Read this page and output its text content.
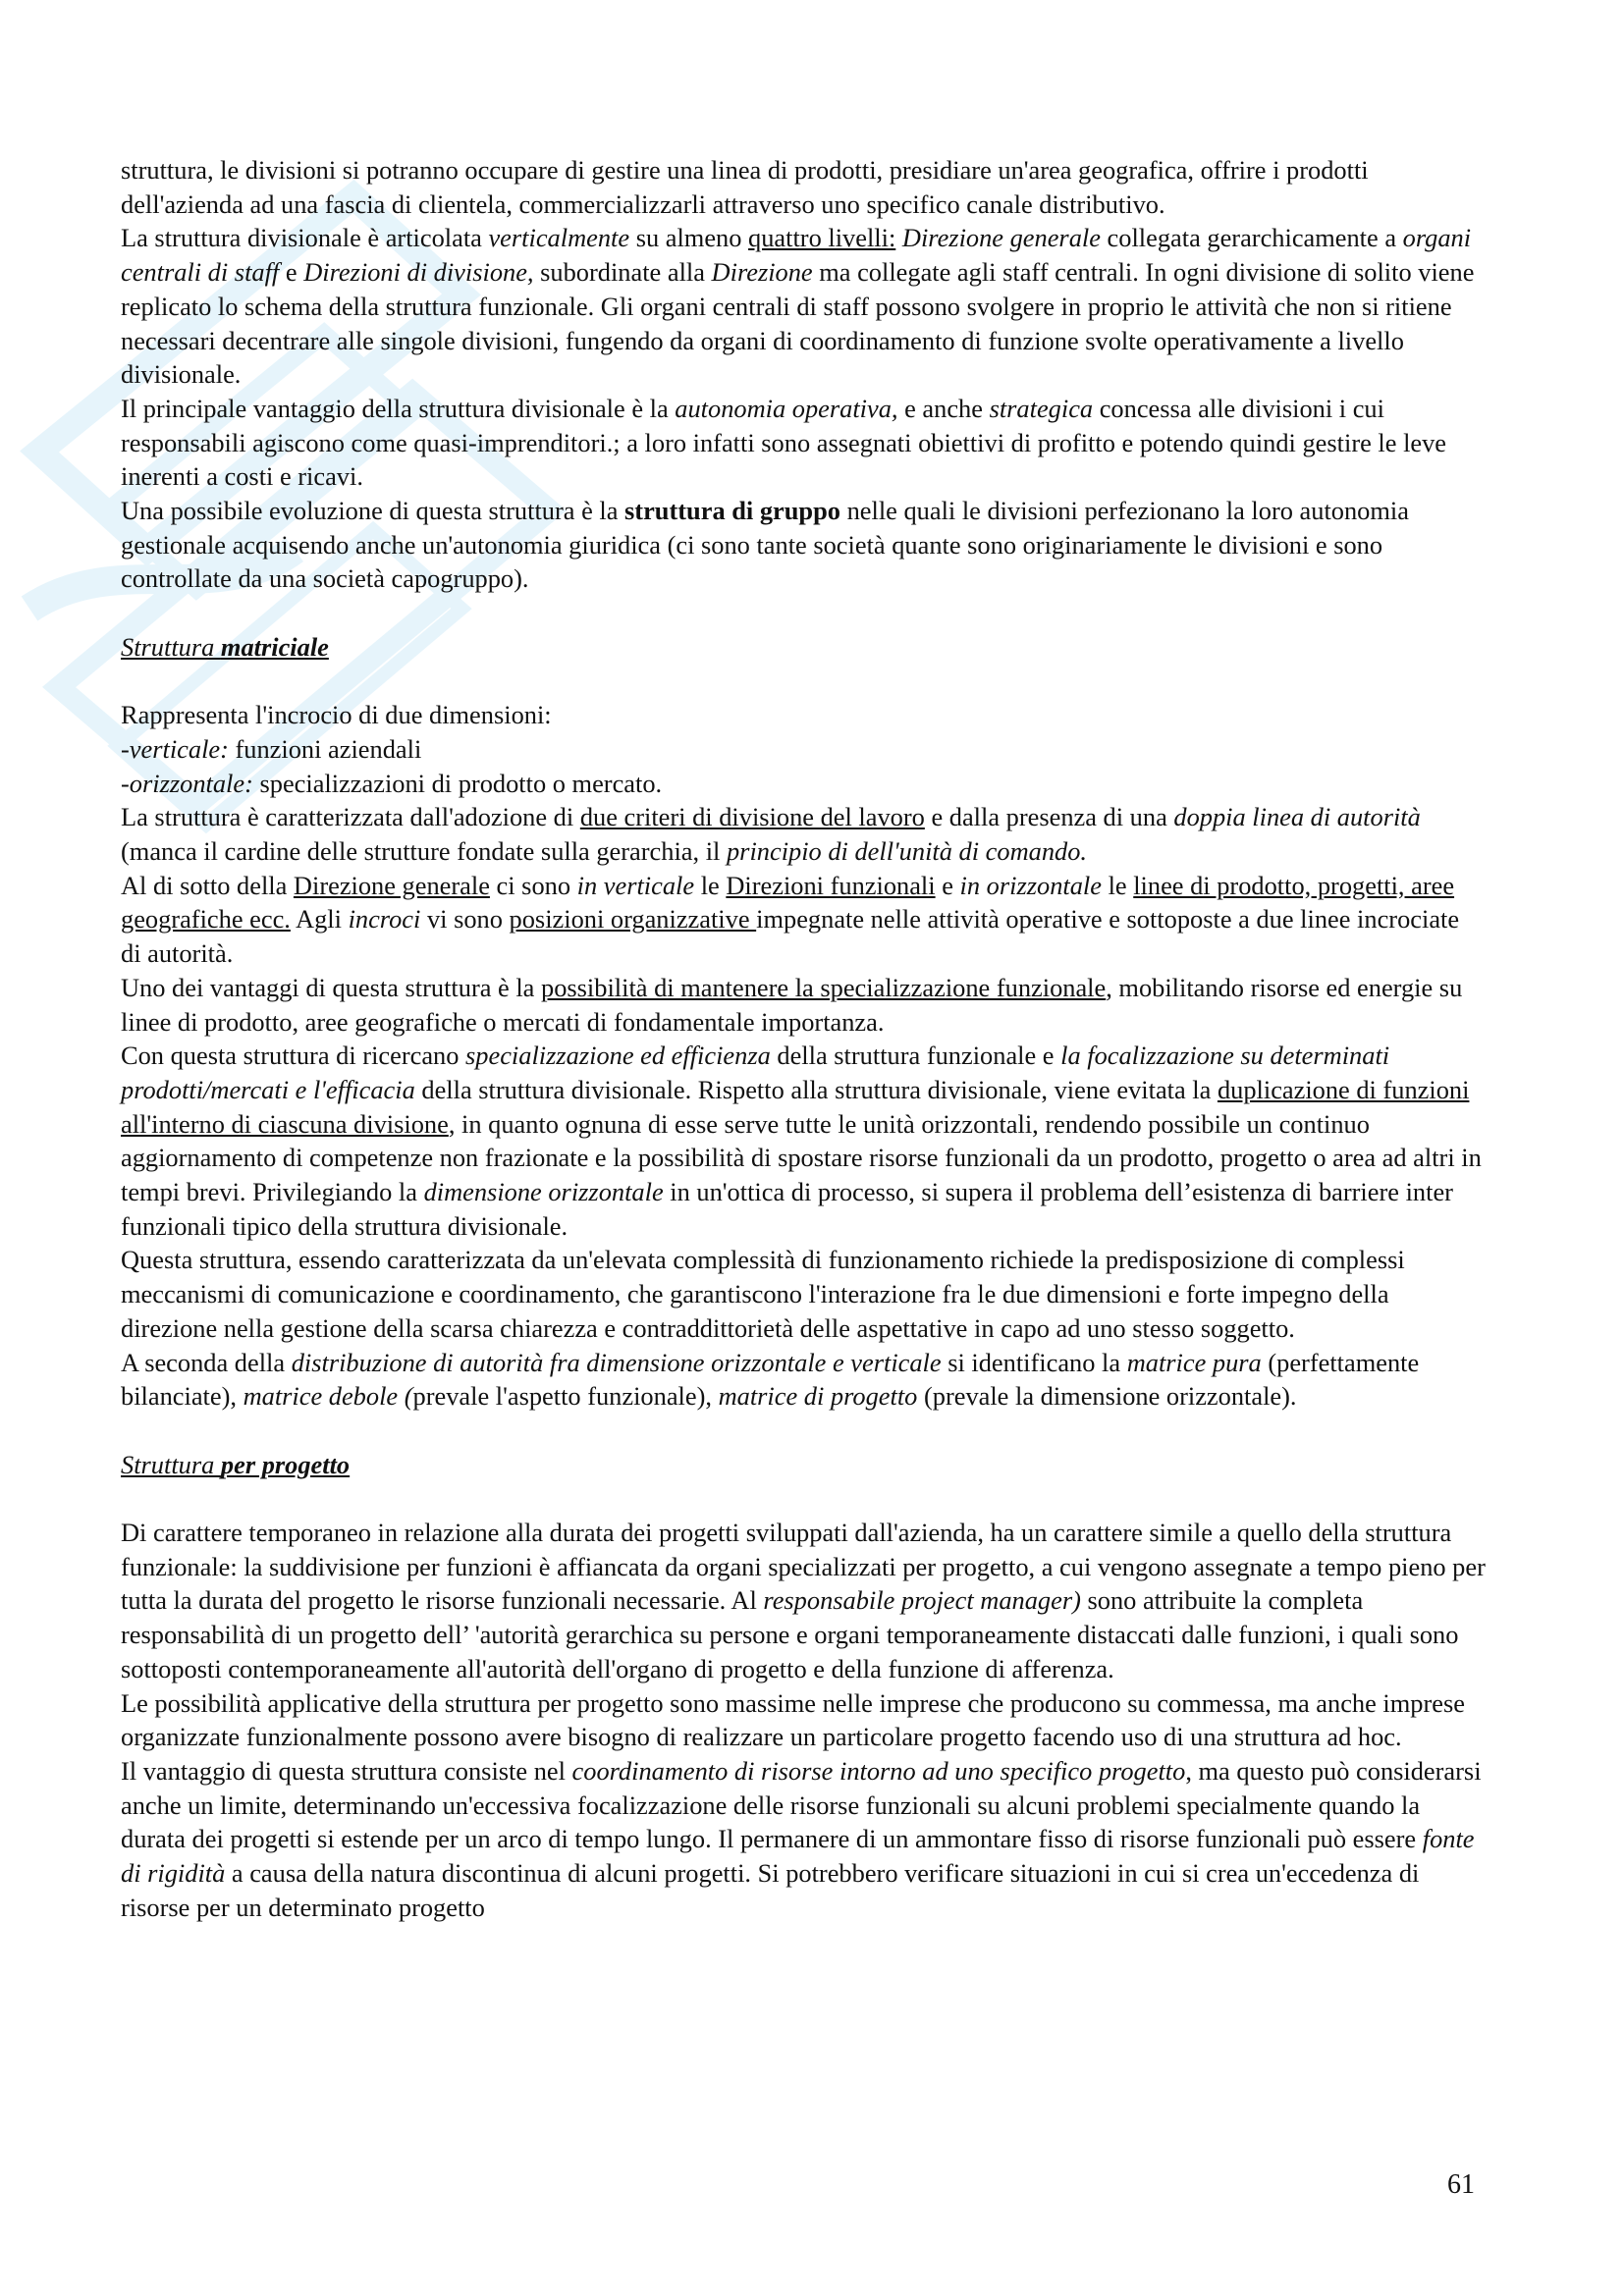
struttura, le divisioni si potranno occupare di gestire una linea di prodotti, presidiare un'area geografica, offrire i prodotti dell'azienda ad una fascia di clientela, commercializzarli attraverso uno specifico canale distributivo.

La struttura divisionale è articolata verticalmente su almeno quattro livelli: Direzione generale collegata gerarchicamente a organi centrali di staff e Direzioni di divisione, subordinate alla Direzione ma collegate agli staff centrali. In ogni divisione di solito viene replicato lo schema della struttura funzionale. Gli organi centrali di staff possono svolgere in proprio le attività che non si ritiene necessari decentrare alle singole divisioni, fungendo da organi di coordinamento di funzione svolte operativamente a livello divisionale.

Il principale vantaggio della struttura divisionale è la autonomia operativa, e anche strategica concessa alle divisioni i cui responsabili agiscono come quasi-imprenditori.; a loro infatti sono assegnati obiettivi di profitto e potendo quindi gestire le leve inerenti a costi e ricavi.

Una possibile evoluzione di questa struttura è la struttura di gruppo nelle quali le divisioni perfezionano la loro autonomia gestionale acquisendo anche un'autonomia giuridica (ci sono tante società quante sono originariamente le divisioni e sono controllate da una società capogruppo).

Struttura matriciale

Rappresenta l'incrocio di due dimensioni:

-verticale: funzioni aziendali

-orizzontale: specializzazioni di prodotto o mercato.

La struttura è caratterizzata dall'adozione di due criteri di divisione del lavoro e dalla presenza di una doppia linea di autorità (manca il cardine delle strutture fondate sulla gerarchia, il principio di dell'unità di comando.

Al di sotto della Direzione generale ci sono in verticale le Direzioni funzionali e in orizzontale le linee di prodotto, progetti, aree geografiche ecc. Agli incroci vi sono posizioni organizzative impegnate nelle attività operative e sottoposte a due linee incrociate di autorità.

Uno dei vantaggi di questa struttura è la possibilità di mantenere la specializzazione funzionale, mobilitando risorse ed energie su linee di prodotto, aree geografiche o mercati di fondamentale importanza.

Con questa struttura di ricercano specializzazione ed efficienza della struttura funzionale e la focalizzazione su determinati prodotti/mercati e l'efficacia della struttura divisionale. Rispetto alla struttura divisionale, viene evitata la duplicazione di funzioni all'interno di ciascuna divisione, in quanto ognuna di esse serve tutte le unità orizzontali, rendendo possibile un continuo aggiornamento di competenze non frazionate e la possibilità di spostare risorse funzionali da un prodotto, progetto o area ad altri in tempi brevi. Privilegiando la dimensione orizzontale in un'ottica di processo, si supera il problema dell’esistenza di barriere inter funzionali tipico della struttura divisionale.

Questa struttura, essendo caratterizzata da un'elevata complessità di funzionamento richiede la predisposizione di complessi meccanismi di comunicazione e coordinamento, che garantiscono l'interazione fra le due dimensioni e forte impegno della direzione nella gestione della scarsa chiarezza e contraddittorietà delle aspettative in capo ad uno stesso soggetto.

A seconda della distribuzione di autorità fra dimensione orizzontale e verticale si identificano la matrice pura (perfettamente bilanciate), matrice debole (prevale l'aspetto funzionale), matrice di progetto (prevale la dimensione orizzontale).

Struttura per progetto

Di carattere temporaneo in relazione alla durata dei progetti sviluppati dall'azienda, ha un carattere simile a quello della struttura funzionale: la suddivisione per funzioni è affiancata da organi specializzati per progetto, a cui vengono assegnate a tempo pieno per tutta la durata del progetto le risorse funzionali necessarie. Al responsabile project manager) sono attribuite la completa responsabilità di un progetto dell’ 'autorità gerarchica su persone e organi temporaneamente distaccati dalle funzioni, i quali sono sottoposti contemporaneamente all'autorità dell'organo di progetto e della funzione di afferenza.

Le possibilità applicative della struttura per progetto sono massime nelle imprese che producono su commessa, ma anche imprese organizzate funzionalmente possono avere bisogno di realizzare un particolare progetto facendo uso di una struttura ad hoc.

Il vantaggio di questa struttura consiste nel coordinamento di risorse intorno ad uno specifico progetto, ma questo può considerarsi anche un limite, determinando un'eccessiva focalizzazione delle risorse funzionali su alcuni problemi specialmente quando la durata dei progetti si estende per un arco di tempo lungo. Il permanere di un ammontare fisso di risorse funzionali può essere fonte di rigidità a causa della natura discontinua di alcuni progetti. Si potrebbero verificare situazioni in cui si crea un'eccedenza di risorse per un determinato progetto

61
